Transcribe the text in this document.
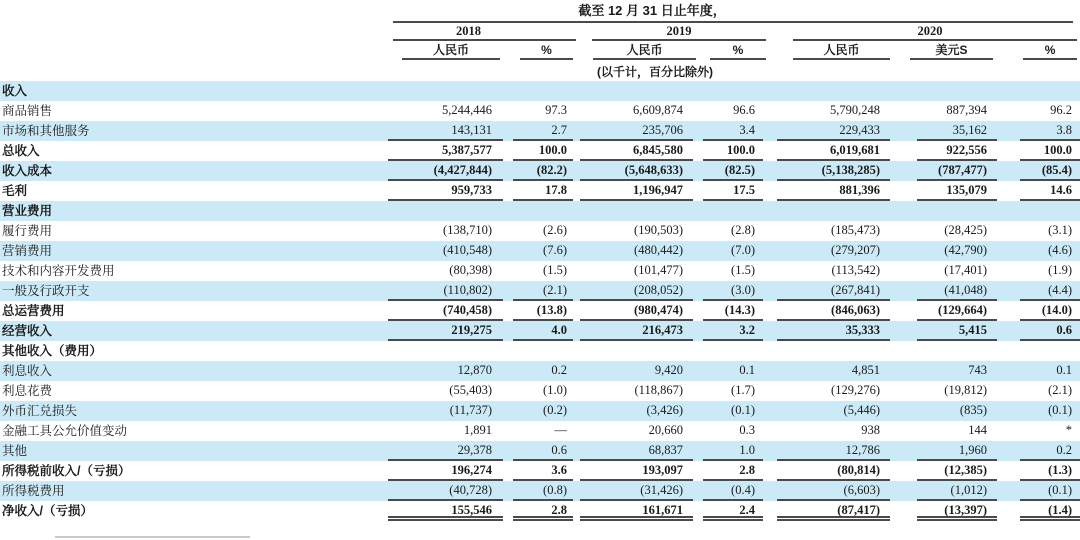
	截至 12 月 31 日止年度，						

	2018		2019		2020		

	人民币	%	人民币	%	人民币	美元S	%

	(以千计，百分比除外)						

收入	

商品销售	5,244,446	97.3	6,609,874	96.6	5,790,248	887,394	96.2

市场和其他服务	143,131	2.7	235,706	3.4	229,433	35,162	3.8

总收入	5,387,577	100.0	6,845,580	100.0	6,019,681	922,556	100.0

收入成本	(4,427,844)	(82.2)	(5,648,633)	(82.5)	(5,138,285)	(787,477)	(85.4)

毛利	959,733	17.8	1,196,947	17.5	881,396	135,079	14.6

营业费用	

履行费用	(138,710)	(2.6)	(190,503)	(2.8)	(185,473)	(28,425)	(3.1)

营销费用	(410,548)	(7.6)	(480,442)	(7.0)	(279,207)	(42,790)	(4.6)

技术和内容开发费用	(80,398)	(1.5)	(101,477)	(1.5)	(113,542)	(17,401)	(1.9)

一般及行政开支	(110,802)	(2.1)	(208,052)	(3.0)	(267,841)	(41,048)	(4.4)

总运营费用	(740,458)	(13.8)	(980,474)	(14.3)	(846,063)	(129,664)	(14.0)

经营收入	219,275	4.0	216,473	3.2	35,333	5,415	0.6

其他收入（费用）	

利息收入	12,870	0.2	9,420	0.1	4,851	743	0.1

利息花费	(55,403)	(1.0)	(118,867)	(1.7)	(129,276)	(19,812)	(2.1)

外币汇兑损失	(11,737)	(0.2)	(3,426)	(0.1)	(5,446)	(835)	(0.1)

金融工具公允价值变动	1,891	—	20,660	0.3	938	144	*

其他	29,378	0.6	68,837	1.0	12,786	1,960	0.2

所得税前收入/（亏损）	196,274	3.6	193,097	2.8	(80,814)	(12,385)	(1.3)

所得税费用	(40,728)	(0.8)	(31,426)	(0.4)	(6,603)	(1,012)	(0.1)

净收入/（亏损）	155,546	2.8	161,671	2.4	(87,417)	(13,397)	(1.4)
